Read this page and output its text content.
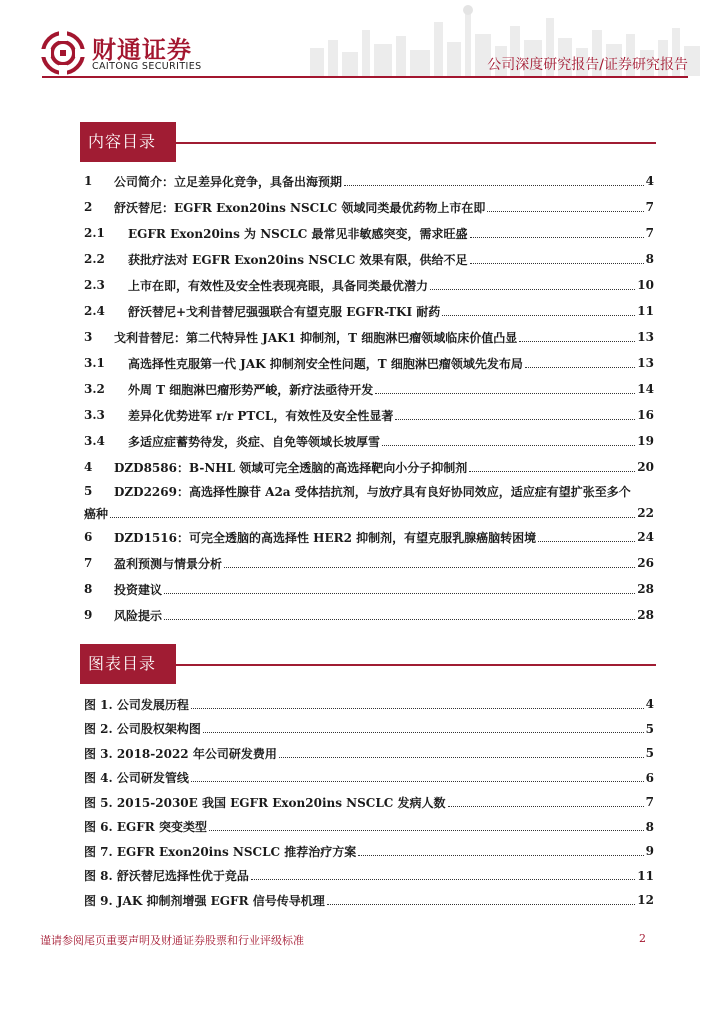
财通证券
CAITONG SECURITIES	公司深度研究报告/证券研究报告
内容目录
1	公司简介：立足差异化竞争，具备出海预期	4
2	舒沃替尼：EGFR Exon20ins NSCLC 领域同类最优药物上市在即	7
2.1	EGFR Exon20ins 为 NSCLC 最常见非敏感突变，需求旺盛	7
2.2	获批疗法对 EGFR Exon20ins NSCLC 效果有限，供给不足	8
2.3	上市在即，有效性及安全性表现亮眼，具备同类最优潜力	10
2.4	舒沃替尼+戈利昔替尼强强联合有望克服 EGFR-TKI 耐药	11
3	戈利昔替尼：第二代特异性 JAK1 抑制剂，T 细胞淋巴瘤领域临床价值凸显	13
3.1	高选择性克服第一代 JAK 抑制剂安全性问题，T 细胞淋巴瘤领域先发布局	13
3.2	外周 T 细胞淋巴瘤形势严峻，新疗法亟待开发	14
3.3	差异化优势进军 r/r PTCL，有效性及安全性显著	16
3.4	多适应症蓄势待发，炎症、自免等领域长坡厚雪	19
4	DZD8586：B-NHL 领域可完全透脑的高选择靶向小分子抑制剂	20
5	DZD2269：高选择性腺苷 A2a 受体拮抗剂，与放疗具有良好协同效应，适应症有望扩张至多个
癌种	22
6	DZD1516：可完全透脑的高选择性 HER2 抑制剂，有望克服乳腺癌脑转困境	24
7	盈利预测与情景分析	26
8	投资建议	28
9	风险提示	28
图表目录
图 1. 公司发展历程	4
图 2. 公司股权架构图	5
图 3. 2018-2022 年公司研发费用	5
图 4. 公司研发管线	6
图 5. 2015-2030E 我国 EGFR Exon20ins NSCLC 发病人数	7
图 6. EGFR 突变类型	8
图 7. EGFR Exon20ins NSCLC 推荐治疗方案	9
图 8. 舒沃替尼选择性优于竞品	11
图 9. JAK 抑制剂增强 EGFR 信号传导机理	12
谨请参阅尾页重要声明及财通证券股票和行业评级标准	2
